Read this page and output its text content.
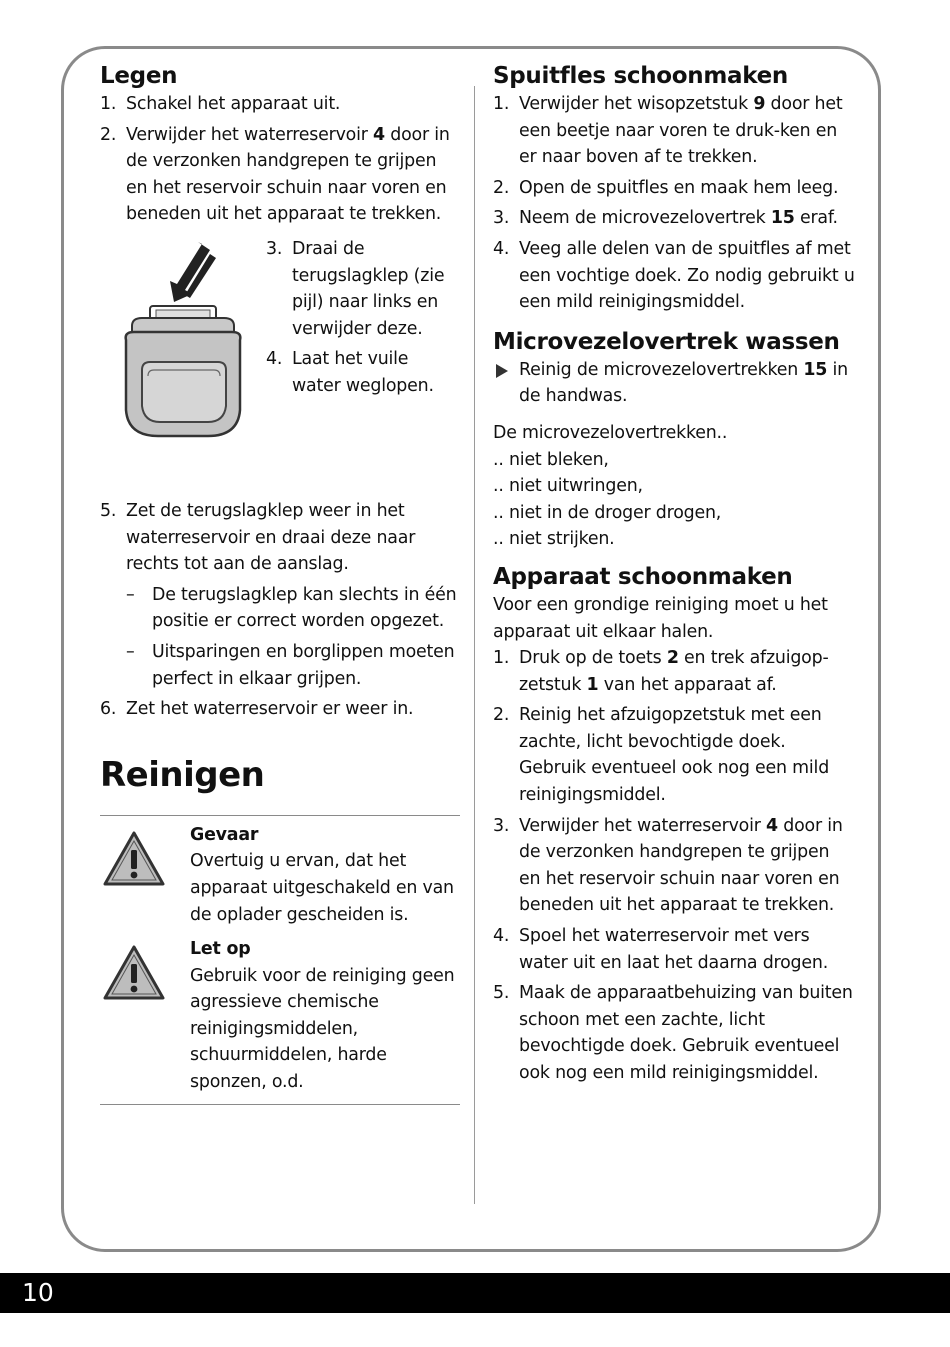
Legen
1. Schakel het apparaat uit.
2. Verwijder het waterreservoir 4 door in de verzonken handgrepen te grijpen en het reservoir schuin naar voren en beneden uit het apparaat te trekken.
3. Draai de terugslagklep (zie pijl) naar links en verwijder deze.
4. Laat het vuile water weglopen.
5. Zet de terugslagklep weer in het waterreservoir en draai deze naar rechts tot aan de aanslag.
– De terugslagklep kan slechts in één positie er correct worden opgezet.
– Uitsparingen en borglippen moeten perfect in elkaar grijpen.
6. Zet het waterreservoir er weer in.
Reinigen
Gevaar
Overtuig u ervan, dat het apparaat uitgeschakeld en van de oplader gescheiden is.
Let op
Gebruik voor de reiniging geen agressieve chemische reinigingsmiddelen, schuurmiddelen, harde sponzen, o.d.
Spuitfles schoonmaken
1. Verwijder het wisopzetstuk 9 door het een beetje naar voren te druk-ken en er naar boven af te trekken.
2. Open de spuitfles en maak hem leeg.
3. Neem de microvezelovertrek 15 eraf.
4. Veeg alle delen van de spuitfles af met een vochtige doek. Zo nodig gebruikt u een mild reinigingsmiddel.
Microvezelovertrek wassen
Reinig de microvezelovertrekken 15 in de handwas.

De microvezelovertrekken..

.. niet bleken,

.. niet uitwringen,

.. niet in de droger drogen,

.. niet strijken.

Apparaat schoonmaken

Voor een grondige reiniging moet u het apparaat uit elkaar halen.

1. Druk op de toets 2 en trek afzuigop-zetstuk 1 van het apparaat af.
2. Reinig het afzuigopzetstuk met een zachte, licht bevochtigde doek. Gebruik eventueel ook nog een mild reinigingsmiddel.
3. Verwijder het waterreservoir 4 door in de verzonken handgrepen te grijpen en het reservoir schuin naar voren en beneden uit het apparaat te trekken.
4. Spoel het waterreservoir met vers water uit en laat het daarna drogen.
5. Maak de apparaatbehuizing van buiten schoon met een zachte, licht bevochtigde doek. Gebruik eventueel ook nog een mild reinigingsmiddel.
10
